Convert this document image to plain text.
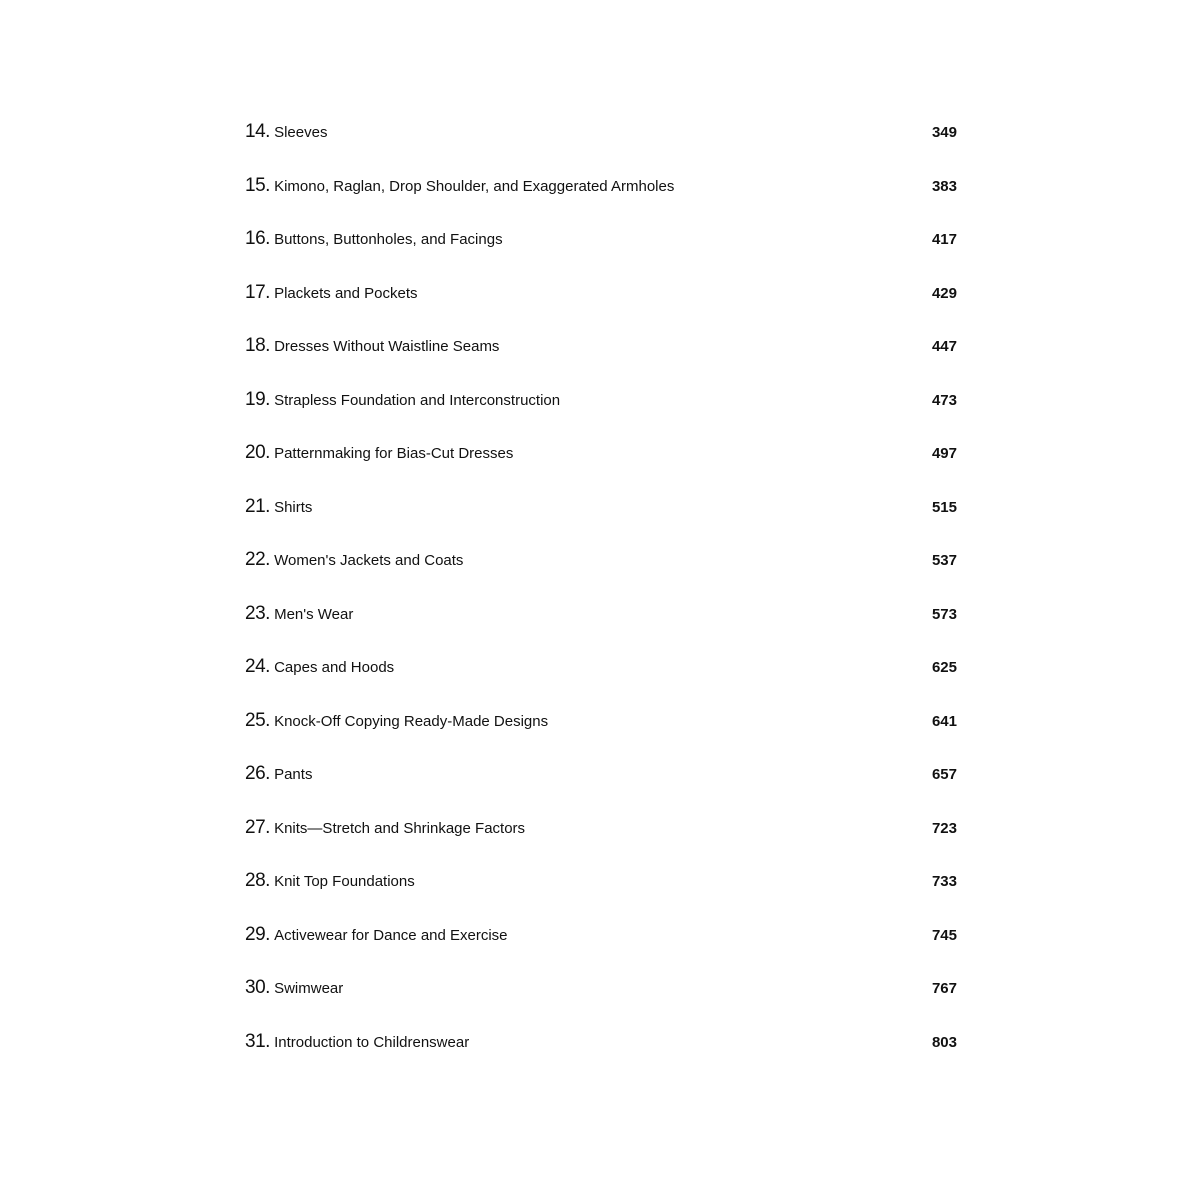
14. Sleeves	349
15. Kimono, Raglan, Drop Shoulder, and Exaggerated Armholes	383
16. Buttons, Buttonholes, and Facings	417
17. Plackets and Pockets	429
18. Dresses Without Waistline Seams	447
19. Strapless Foundation and Interconstruction	473
20. Patternmaking for Bias-Cut Dresses	497
21. Shirts	515
22. Women's Jackets and Coats	537
23. Men's Wear	573
24. Capes and Hoods	625
25. Knock-Off Copying Ready-Made Designs	641
26. Pants	657
27. Knits—Stretch and Shrinkage Factors	723
28. Knit Top Foundations	733
29. Activewear for Dance and Exercise	745
30. Swimwear	767
31. Introduction to Childrenswear	803
